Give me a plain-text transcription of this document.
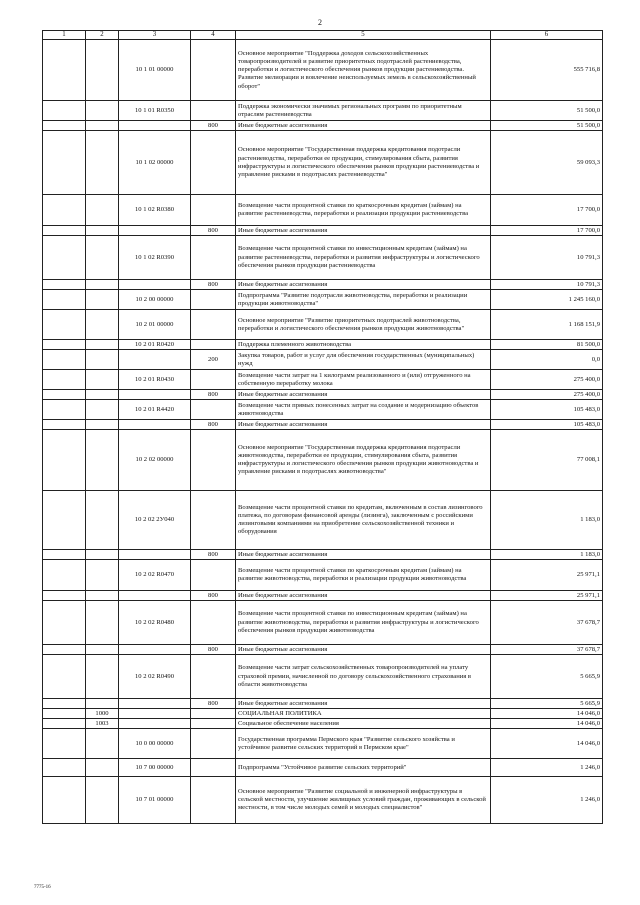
2
1	2	3	4	5	6
		10 1 01 00000		Основное мероприятие "Поддержка доходов сельскохозяйственных товаропроизводителей и развитие приоритетных подотраслей растениеводства, переработки и логистического обеспечения рынков продукции растениеводства. Развитие мелиорации и вовлечение неиспользуемых земель в сельскохозяйственный оборот"	555 716,8
		10 1 01 R0350		Поддержка экономически значимых региональных программ по приоритетным отраслям растениеводства	51 500,0
			800	Иные бюджетные ассигнования	51 500,0
		10 1 02 00000		Основное мероприятие "Государственная поддержка кредитования подотрасли растениеводства, переработки ее продукции, стимулирования сбыта, развития инфраструктуры и логистического обеспечения рынков продукции растениеводства и управление рисками в подотраслях растениеводства"	59 093,3
		10 1 02 R0380		Возмещение части процентной ставки по краткосрочным кредитам (займам) на развитие растениеводства, переработки и реализации продукции растениеводства	17 700,0
			800	Иные бюджетные ассигнования	17 700,0
		10 1 02 R0390		Возмещение части процентной ставки по инвестиционным кредитам (займам) на развитие растениеводства, переработки и развития инфраструктуры и логистического обеспечения рынков продукции растениеводства	10 791,3
			800	Иные бюджетные ассигнования	10 791,3
		10 2 00 00000		Подпрограмма "Развитие подотрасли животноводства, переработки и реализации продукции животноводства"	1 245 160,0
		10 2 01 00000		Основное мероприятие "Развитие приоритетных подотраслей животноводства, переработки и логистического обеспечения рынков продукции животноводства"	1 168 151,9
		10 2 01 R0420		Поддержка племенного животноводства	81 500,0
			200	Закупка товаров, работ и услуг для обеспечения государственных (муниципальных) нужд	0,0
		10 2 01 R0430		Возмещение части затрат на 1 килограмм реализованного и (или) отгруженного на собственную переработку молока	275 400,0
			800	Иные бюджетные ассигнования	275 400,0
		10 2 01 R4420		Возмещение части прямых понесенных затрат на создание и модернизацию объектов животноводства	105 483,0
			800	Иные бюджетные ассигнования	105 483,0
		10 2 02 00000		Основное мероприятие "Государственная поддержка кредитования подотрасли животноводства, переработки ее продукции, стимулирования сбыта, развития инфраструктуры и логистического обеспечения рынков продукции животноводства и управление рисками в подотраслях животноводства"	77 008,1
		10 2 02 2У040		Возмещение части процентной ставки по кредитам, включенным в состав лизингового платежа, по договорам финансовой аренды (лизинга), заключенным с российскими лизинговыми компаниями на приобретение сельскохозяйственной техники и оборудования	1 183,0
			800	Иные бюджетные ассигнования	1 183,0
		10 2 02 R0470		Возмещение части процентной ставки по краткосрочным кредитам (займам) на развитие животноводства, переработки и реализации продукции животноводства	25 971,1
			800	Иные бюджетные ассигнования	25 971,1
		10 2 02 R0480		Возмещение части процентной ставки по инвестиционным кредитам (займам) на развитие животноводства, переработки и развития инфраструктуры и логистического обеспечения рынков продукции животноводства	37 678,7
			800	Иные бюджетные ассигнования	37 678,7
		10 2 02 R0490		Возмещение части затрат сельскохозяйственных товаропроизводителей на уплату страховой премии, начисленной по договору сельскохозяйственного страхования в области животноводства	5 665,9
			800	Иные бюджетные ассигнования	5 665,9
	1000			СОЦИАЛЬНАЯ ПОЛИТИКА	14 046,0
	1003			Социальное обеспечение населения	14 046,0
		10 0 00 00000		Государственная программа Пермского края "Развитие сельского хозяйства и устойчивое развитие сельских территорий в Пермском крае"	14 046,0
		10 7 00 00000		Подпрограмма "Устойчивое развитие сельских территорий"	1 246,0
		10 7 01 00000		Основное мероприятие "Развитие социальной и инженерной инфраструктуры в сельской местности, улучшение жилищных условий граждан, проживающих в сельской местности, в том числе молодых семей и молодых специалистов"	1 246,0
7775-16
